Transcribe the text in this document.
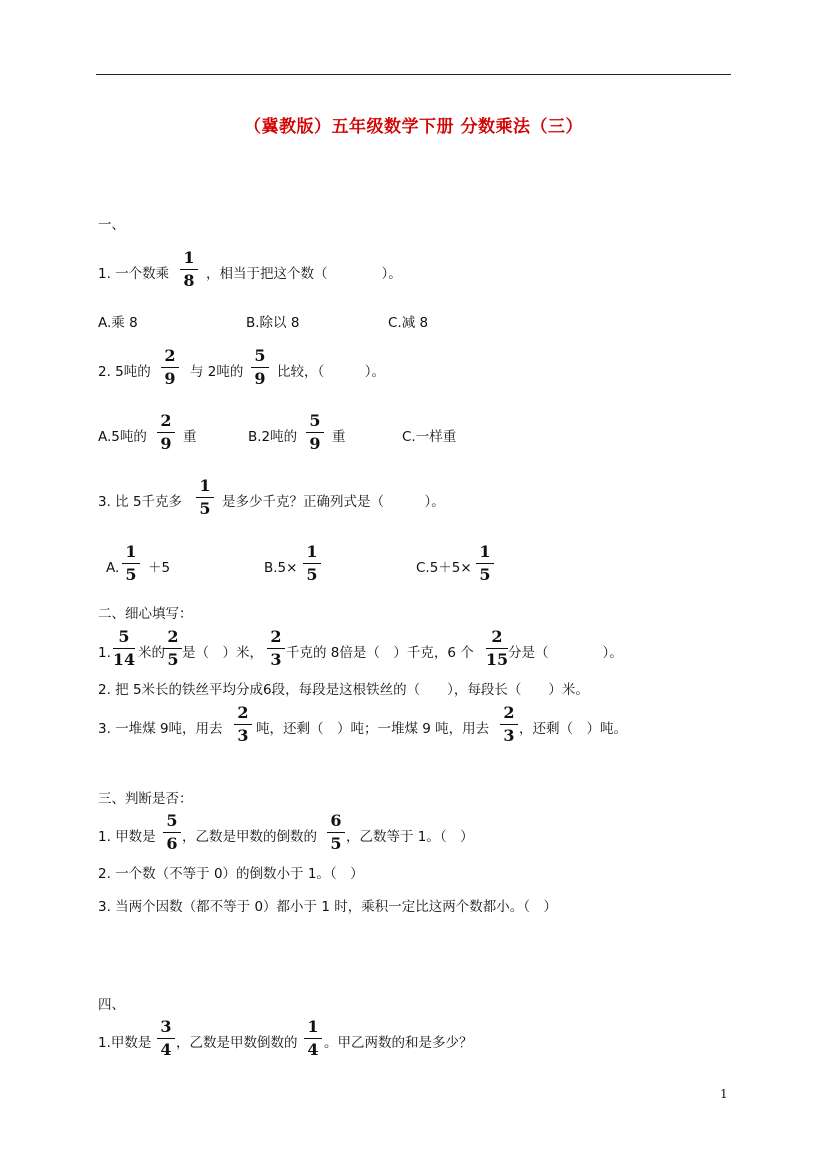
（冀教版）五年级数学下册 分数乘法（三）
一、
1. 一个数乘
1
8 ，相当于把这个数（　　　　）。
A.乘 8	B.除以 8	C.减 8
2. 5吨的
2
9	与 2吨的
5
9 比较，（　　　）。
A.5吨的
2
9 重	B.2吨的
5
9 重	C.一样重
3. 比 5千克多
1
5 是多少千克？正确列式是（　　　）。
A.
1
5 ＋5	B.5×
1
5	C.5＋5×
1
5
二、细心填写：
1.
5
14 米的
2
5 是（　）米，
2
3 千克的 8倍是（　）千克，6 个
2
15 分是（　　　　）。
2. 把 5米长的铁丝平均分成6段，每段是这根铁丝的（　　），每段长（　　）米。
3. 一堆煤 9吨，用去
2
3 吨，还剩（　）吨；一堆煤 9 吨，用去
2
3 ，还剩（　）吨。
三、判断是否：
1. 甲数是
5
6 ，乙数是甲数的倒数的
6
5 ，乙数等于 1。（　）
2. 一个数（不等于 0）的倒数小于 1。（　）
3. 当两个因数（都不等于 0）都小于 1 时，乘积一定比这两个数都小。（　）
四、
1.甲数是
3
4 ，乙数是甲数倒数的
1
4 。甲乙两数的和是多少？
1
